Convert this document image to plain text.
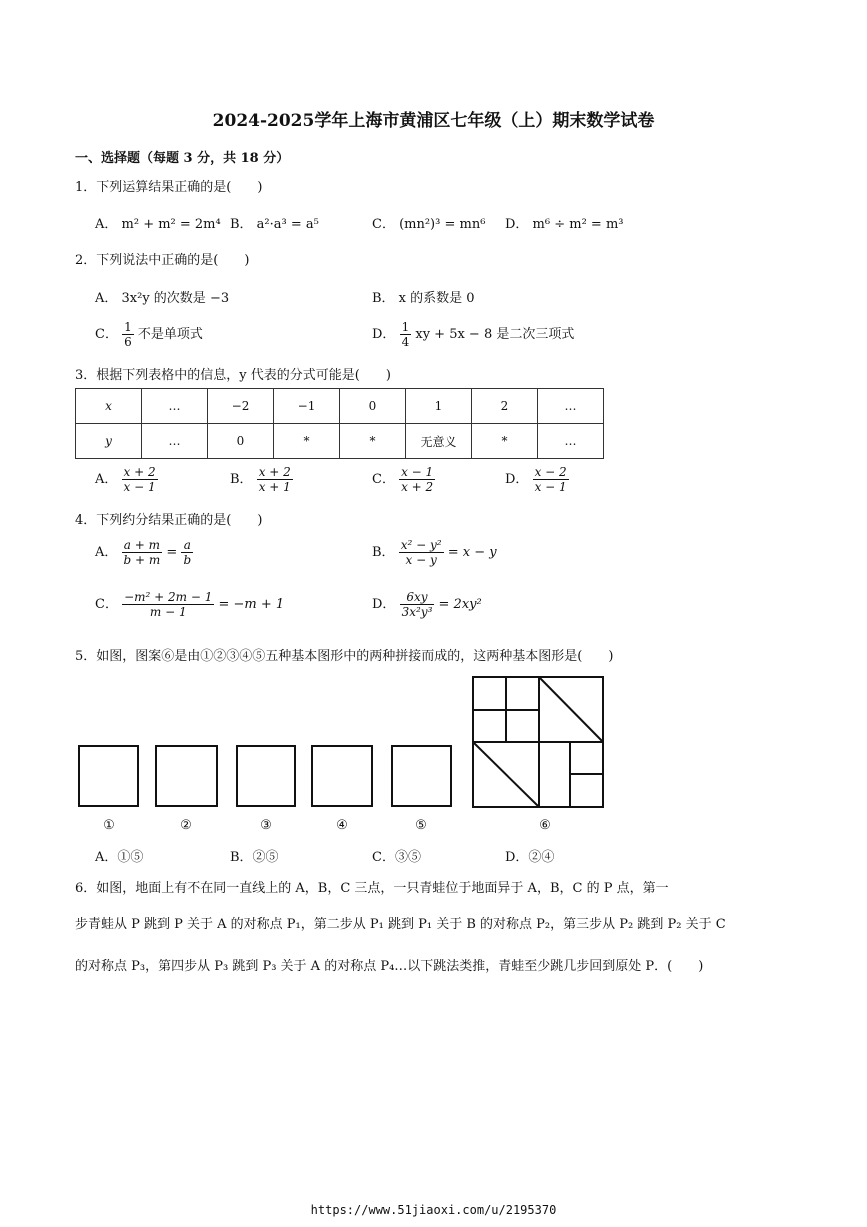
2024-2025学年上海市黄浦区七年级（上）期末数学试卷
一、选择题（每题 3 分，共 18 分）
1．下列运算结果正确的是(　　)
A． m² + m² = 2m⁴ B． a²·a³ = a⁵	C． (mn²)³ = mn⁶ D． m⁶ ÷ m² = m³
2．下列说法中正确的是(　　)
A． 3x²y 的次数是 −3	B． x 的系数是 0
C． $\frac{1}{6}$ 不是单项式	D． $\frac{1}{4}$ xy + 5x − 8 是二次三项式
3．根据下列表格中的信息，y 代表的分式可能是(　　)
x	…	−2	−1	0	1	2	…
y	…	0	*	*	无意义	*	…
A． $\frac{x + 2}{x - 1}$	B． $\frac{x + 2}{x + 1}$	C． $\frac{x - 1}{x + 2}$	D． $\frac{x - 2}{x - 1}$
4．下列约分结果正确的是(　　)
A． $\frac{a + m}{b + m} = \frac{a}{b}$	B． $\frac{\text{x² − y²}}{x - y} = x - y$
C． $\frac{\text{−m² + 2m − 1}}{m - 1} = -m + 1$	D． $\frac{6xy}{\text{3x²y³}} = 2xy^2$
5．如图，图案⑥是由①②③④⑤五种基本图形中的两种拼接而成的，这两种基本图形是(　　)
①	②	③	④	⑤	⑥
A．①⑤	B．②⑤	C．③⑤	D．②④
6．如图，地面上有不在同一直线上的 A，B，C 三点，一只青蛙位于地面异于 A，B，C 的 P 点，第一
步青蛙从 P 跳到 P 关于 A 的对称点 P₁，第二步从 P₁ 跳到 P₁ 关于 B 的对称点 P₂，第三步从 P₂ 跳到 P₂ 关于 C
的对称点 P₃，第四步从 P₃ 跳到 P₃ 关于 A 的对称点 P₄…以下跳法类推，青蛙至少跳几步回到原处 P．(　　)
https://www.51jiaoxi.com/u/2195370
